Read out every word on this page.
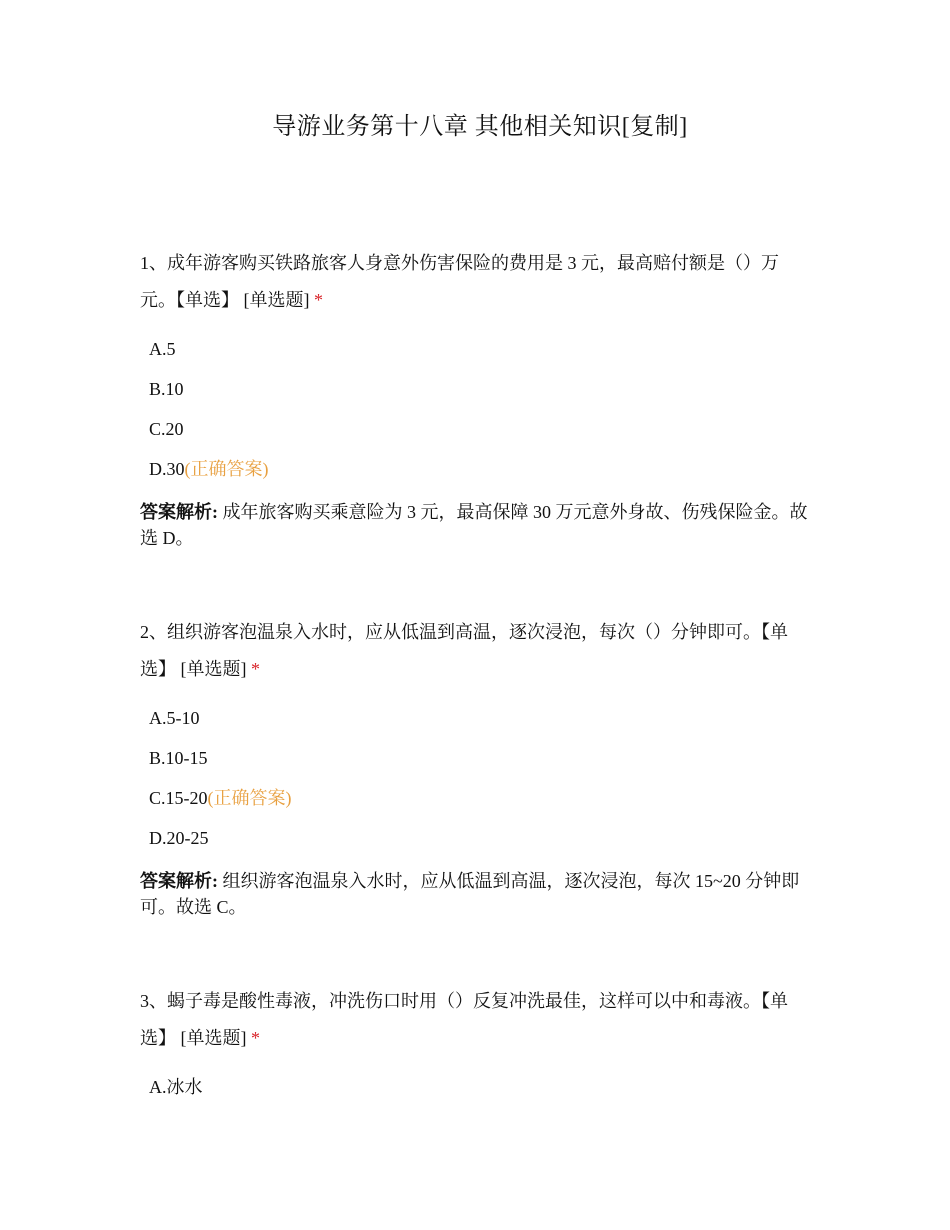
导游业务第十八章 其他相关知识[复制]

1、成年游客购买铁路旅客人身意外伤害保险的费用是 3 元，最高赔付额是（）万元。【单选】 [单选题] *

A.5
B.10
C.20
D.30(正确答案)
答案解析: 成年旅客购买乘意险为 3 元，最高保障 30 万元意外身故、伤残保险金。故选 D。

2、组织游客泡温泉入水时，应从低温到高温，逐次浸泡，每次（）分钟即可。【单选】 [单选题] *

A.5-10
B.10-15
C.15-20(正确答案)
D.20-25
答案解析: 组织游客泡温泉入水时，应从低温到高温，逐次浸泡，每次 15~20 分钟即可。故选 C。

3、蝎子毒是酸性毒液，冲洗伤口时用（）反复冲洗最佳，这样可以中和毒液。【单选】 [单选题] *

A.冰水
